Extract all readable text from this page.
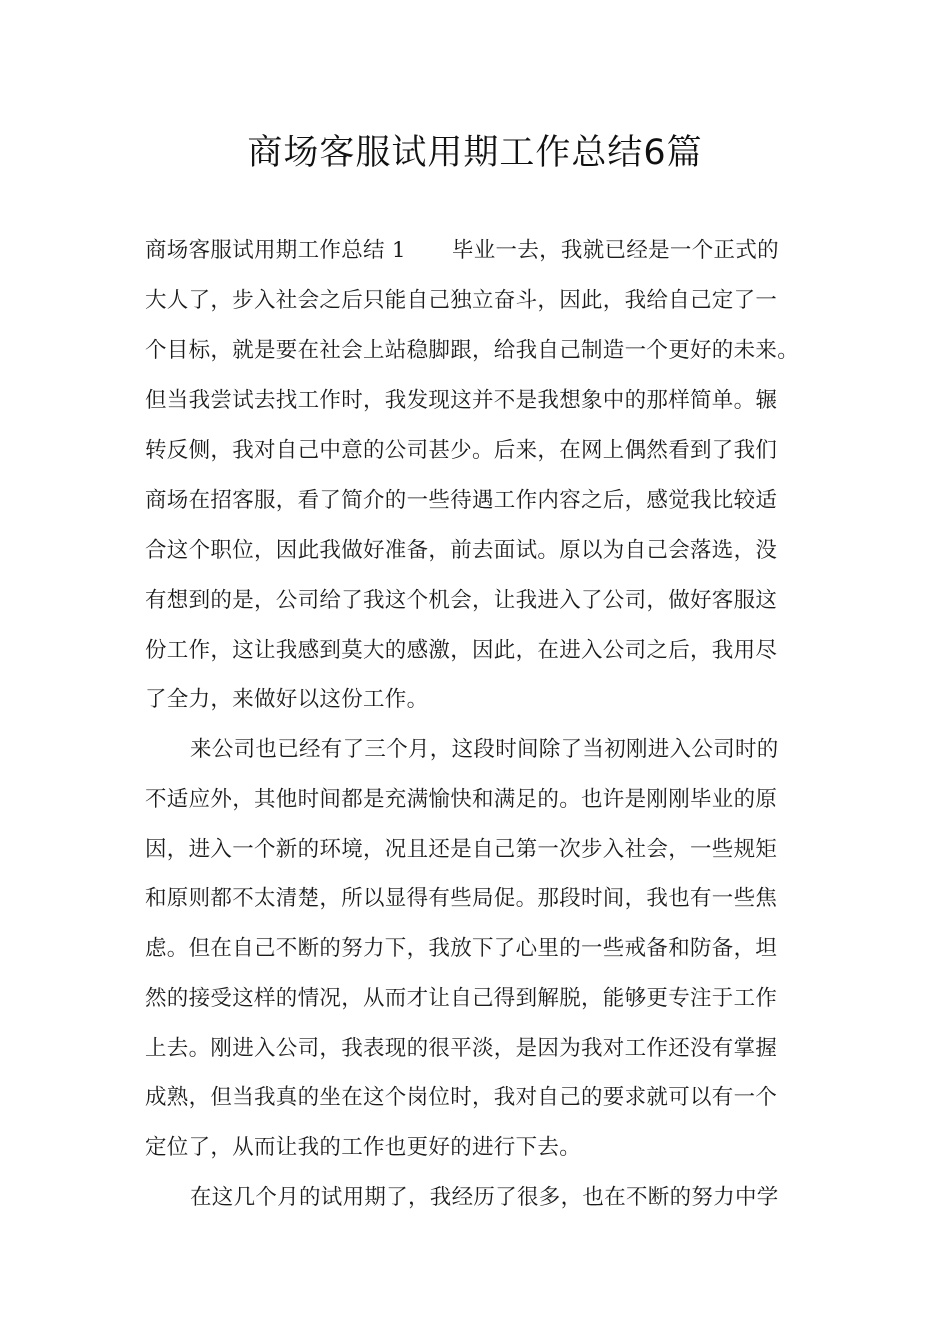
商场客服试用期工作总结6篇
商场客服试用期工作总结 1 毕业一去，我就已经是一个正式的
大人了，步入社会之后只能自己独立奋斗，因此，我给自己定了一
个目标，就是要在社会上站稳脚跟，给我自己制造一个更好的未来。
但当我尝试去找工作时，我发现这并不是我想象中的那样简单。辗
转反侧，我对自己中意的公司甚少。后来，在网上偶然看到了我们
商场在招客服，看了简介的一些待遇工作内容之后，感觉我比较适
合这个职位，因此我做好准备，前去面试。原以为自己会落选，没
有想到的是，公司给了我这个机会，让我进入了公司，做好客服这
份工作，这让我感到莫大的感激，因此，在进入公司之后，我用尽
了全力，来做好以这份工作。
来公司也已经有了三个月，这段时间除了当初刚进入公司时的
不适应外，其他时间都是充满愉快和满足的。也许是刚刚毕业的原
因，进入一个新的环境，况且还是自己第一次步入社会，一些规矩
和原则都不太清楚，所以显得有些局促。那段时间，我也有一些焦
虑。但在自己不断的努力下，我放下了心里的一些戒备和防备，坦
然的接受这样的情况，从而才让自己得到解脱，能够更专注于工作
上去。刚进入公司，我表现的很平淡，是因为我对工作还没有掌握
成熟，但当我真的坐在这个岗位时，我对自己的要求就可以有一个
定位了，从而让我的工作也更好的进行下去。
在这几个月的试用期了，我经历了很多，也在不断的努力中学
